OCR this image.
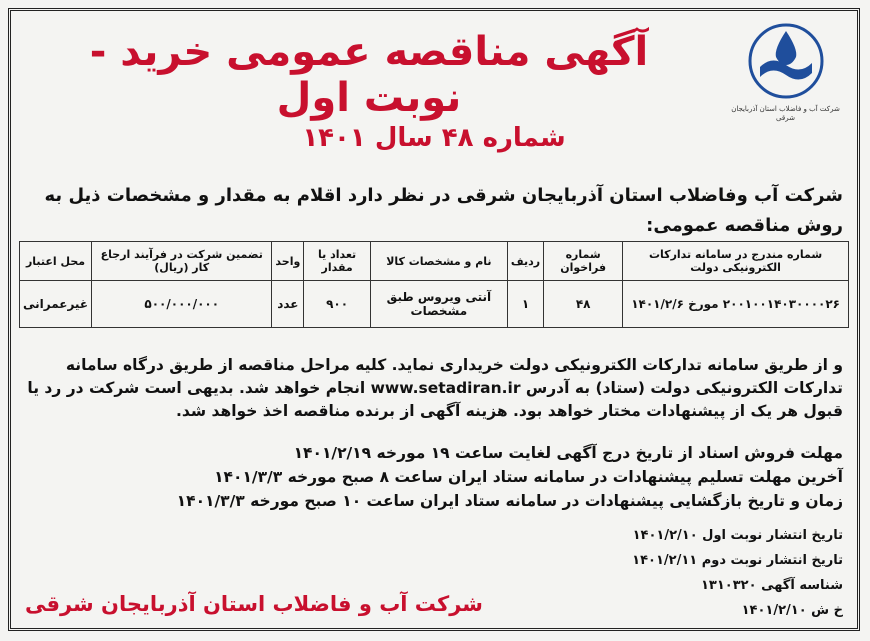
شرکت آب و فاضلاب استان آذربایجان شرقی
آگهی مناقصه عمومی خرید - نوبت اول
شماره ۴۸ سال ۱۴۰۱
شرکت آب وفاضلاب استان آذربایجان شرقی در نظر دارد اقلام به مقدار و مشخصات ذیل به روش مناقصه عمومی:
شماره مندرج در سامانه تدارکات الکترونیکی دولت	شماره فراخوان	ردیف	نام و مشخصات کالا	تعداد یا مقدار	واحد	تضمین شرکت در فرآیند ارجاع کار (ریال)	محل اعتبار
۲۰۰۱۰۰۱۴۰۳۰۰۰۰۲۶ مورخ ۱۴۰۱/۲/۶	۴۸	۱	آنتی ویروس طبق مشخصات	۹۰۰	عدد	۵۰۰/۰۰۰/۰۰۰	غیرعمرانی
و از طریق سامانه تدارکات الکترونیکی دولت خریداری نماید. کلیه مراحل مناقصه از طریق درگاه سامانه تدارکات الکترونیکی دولت (ستاد) به آدرس www.setadiran.ir انجام خواهد شد. بدیهی است شرکت در رد یا قبول هر یک از پیشنهادات مختار خواهد بود. هزینه آگهی از برنده مناقصه اخذ خواهد شد.
مهلت فروش اسناد از تاریخ درج آگهی لغایت ساعت ۱۹ مورخه ۱۴۰۱/۲/۱۹
آخرین مهلت تسلیم پیشنهادات در سامانه ستاد ایران ساعت ۸ صبح مورخه ۱۴۰۱/۳/۳
زمان و تاریخ بازگشایی پیشنهادات در سامانه ستاد ایران ساعت ۱۰ صبح مورخه ۱۴۰۱/۳/۳
تاریخ انتشار نوبت اول ۱۴۰۱/۲/۱۰
تاریخ انتشار نوبت دوم ۱۴۰۱/۲/۱۱
شناسه آگهی ۱۳۱۰۳۲۰
خ ش ۱۴۰۱/۲/۱۰
شرکت آب و فاضلاب استان آذربایجان شرقی
